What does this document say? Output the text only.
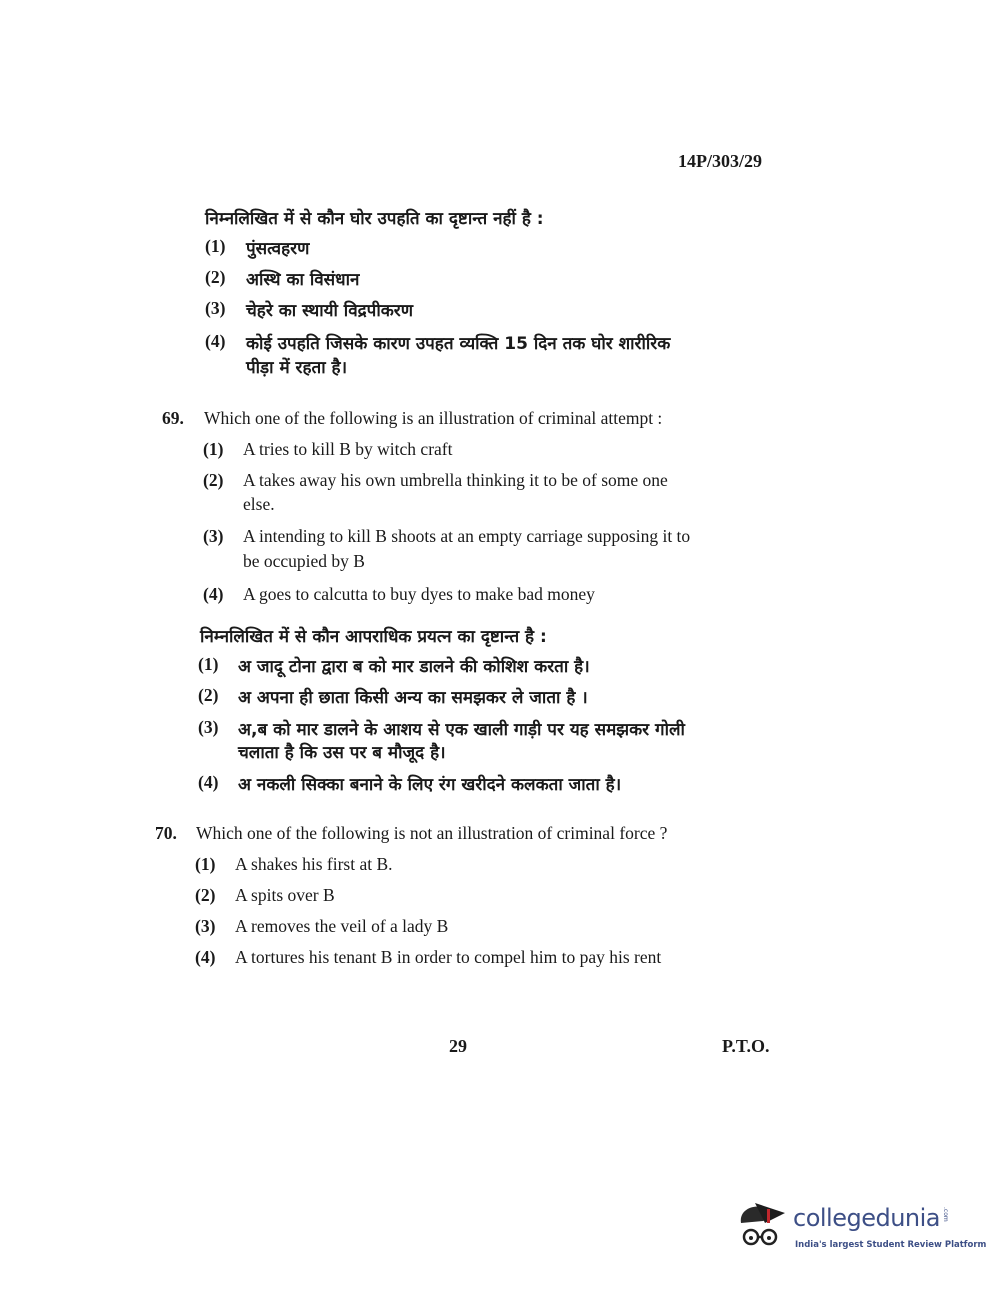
14P/303/29
निम्नलिखित में से कौन घोर उपहति का दृष्टान्त नहीं है :
(1) पुंसत्वहरण
(2) अस्थि का विसंधान
(3) चेहरे का स्थायी विद्रपीकरण
(4) कोई उपहति जिसके कारण उपहत व्यक्ति 15 दिन तक घोर शारीरिक
पीड़ा में रहता है।
69. Which one of the following is an illustration of criminal attempt :
(1) A tries to kill B by witch craft
(2) A takes away his own umbrella thinking it to be of some one
else.
(3) A intending to kill B shoots at an empty carriage supposing it to
be occupied by B
(4) A goes to calcutta to buy dyes to make bad money
निम्नलिखित में से कौन आपराधिक प्रयत्न का दृष्टान्त है :
(1) अ जादू टोना द्वारा ब को मार डालने की कोशिश करता है।
(2) अ अपना ही छाता किसी अन्य का समझकर ले जाता है ।
(3) अ,ब को मार डालने के आशय से एक खाली गाड़ी पर यह समझकर गोली
चलाता है कि उस पर ब मौजूद है।
(4) अ नकली सिक्का बनाने के लिए रंग खरीदने कलकता जाता है।
70. Which one of the following is not an illustration of criminal force ?
(1) A shakes his first at B.
(2) A spits over B
(3) A removes the veil of a lady B
(4) A tortures his tenant B in order to compel him to pay his rent
29	P.T.O.
collegedunia .com
India's largest Student Review Platform
